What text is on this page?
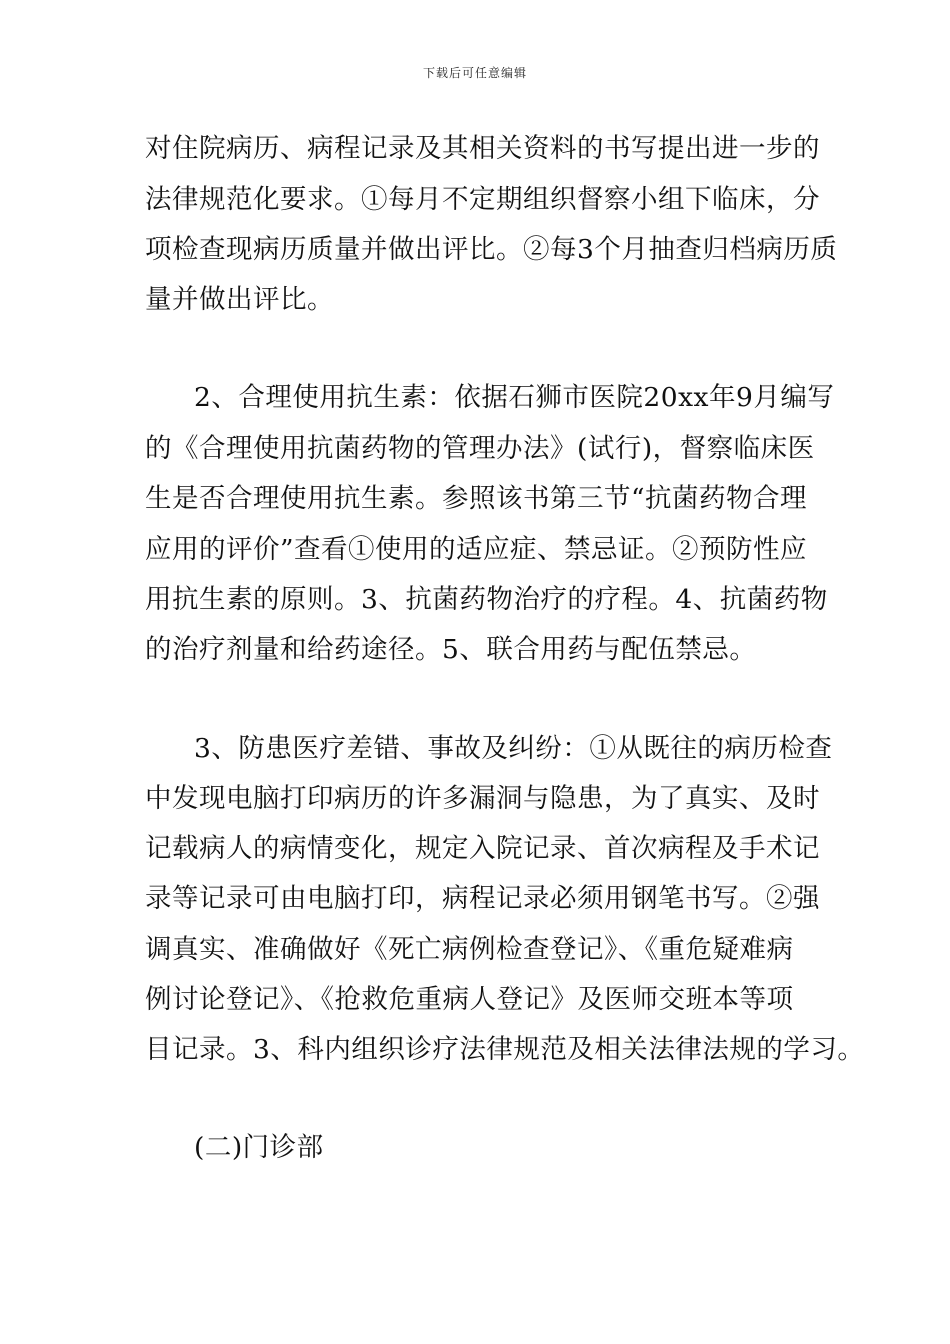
下载后可任意编辑
对住院病历、病程记录及其相关资料的书写提出进一步的
法律规范化要求。①每月不定期组织督察小组下临床，分
项检查现病历质量并做出评比。②每3个月抽查归档病历质
量并做出评比。
2、合理使用抗生素：依据石狮市医院20xx年9月编写
的《合理使用抗菌药物的管理办法》(试行)，督察临床医
生是否合理使用抗生素。参照该书第三节“抗菌药物合理
应用的评价”查看①使用的适应症、禁忌证。②预防性应
用抗生素的原则。3、抗菌药物治疗的疗程。4、抗菌药物
的治疗剂量和给药途径。5、联合用药与配伍禁忌。
3、防患医疗差错、事故及纠纷：①从既往的病历检查
中发现电脑打印病历的许多漏洞与隐患，为了真实、及时
记载病人的病情变化，规定入院记录、首次病程及手术记
录等记录可由电脑打印，病程记录必须用钢笔书写。②强
调真实、准确做好《死亡病例检查登记》、《重危疑难病
例讨论登记》、《抢救危重病人登记》及医师交班本等项
目记录。3、科内组织诊疗法律规范及相关法律法规的学习。
(二)门诊部
